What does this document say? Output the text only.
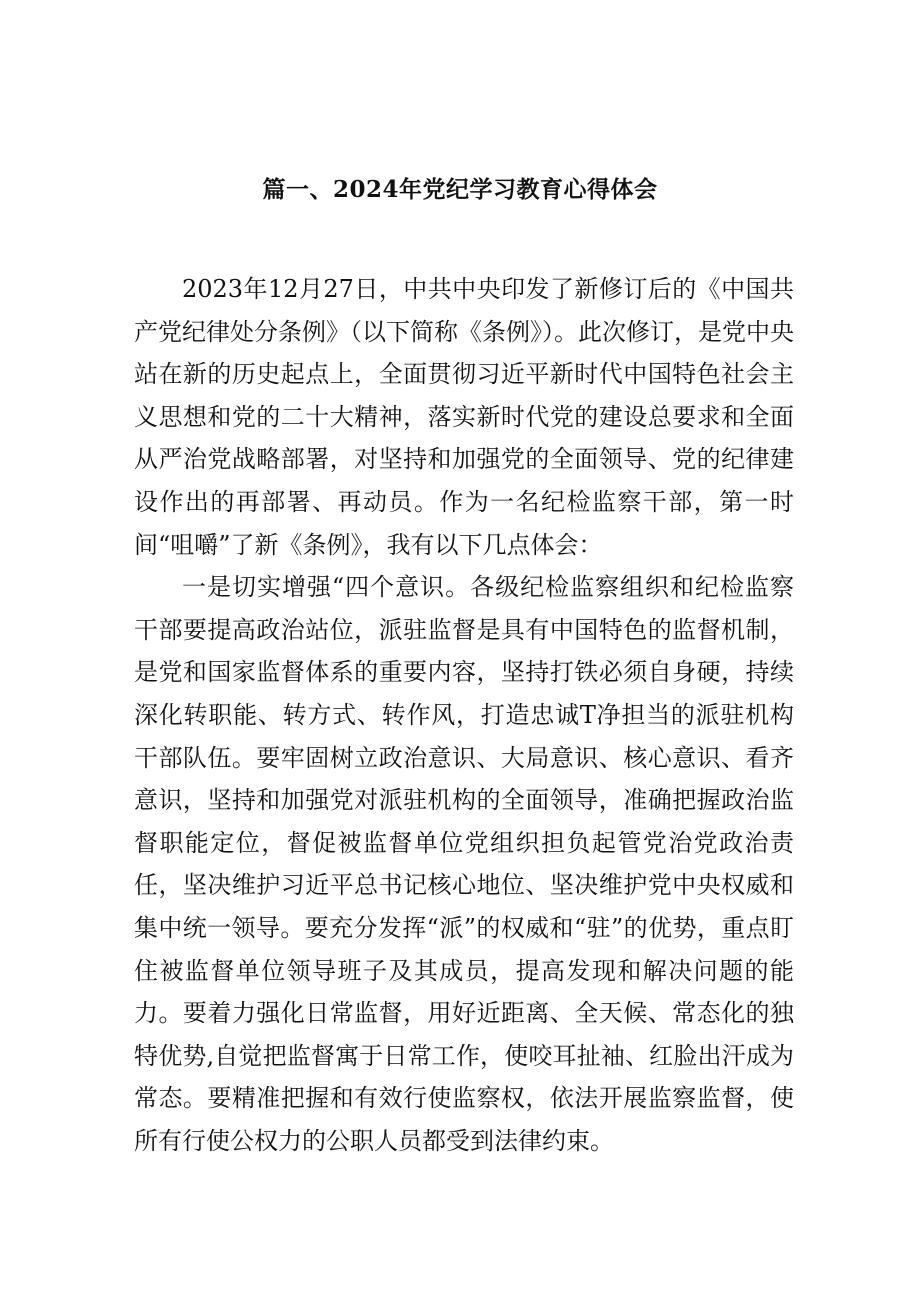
篇一、2024年党纪学习教育心得体会

2023年12月27日，中共中央印发了新修订后的《中国共产党纪律处分条例》（以下简称《条例》）。此次修订，是党中央站在新的历史起点上，全面贯彻习近平新时代中国特色社会主义思想和党的二十大精神，落实新时代党的建设总要求和全面从严治党战略部署，对坚持和加强党的全面领导、党的纪律建设作出的再部署、再动员。作为一名纪检监察干部，第一时间“咀嚼”了新《条例》，我有以下几点体会：

一是切实增强“四个意识。各级纪检监察组织和纪检监察干部要提高政治站位，派驻监督是具有中国特色的监督机制，是党和国家监督体系的重要内容，坚持打铁必须自身硬，持续深化转职能、转方式、转作风，打造忠诚T净担当的派驻机构干部队伍。要牢固树立政治意识、大局意识、核心意识、看齐意识，坚持和加强党对派驻机构的全面领导，准确把握政治监督职能定位，督促被监督单位党组织担负起管党治党政治责任，坚决维护习近平总书记核心地位、坚决维护党中央权威和集中统一领导。要充分发挥“派”的权威和“驻”的优势，重点盯住被监督单位领导班子及其成员，提高发现和解决问题的能力。要着力强化日常监督，用好近距离、全天候、常态化的独特优势,自觉把监督寓于日常工作，使咬耳扯袖、红脸出汗成为常态。要精准把握和有效行使监察权，依法开展监察监督，使所有行使公权力的公职人员都受到法律约束。
